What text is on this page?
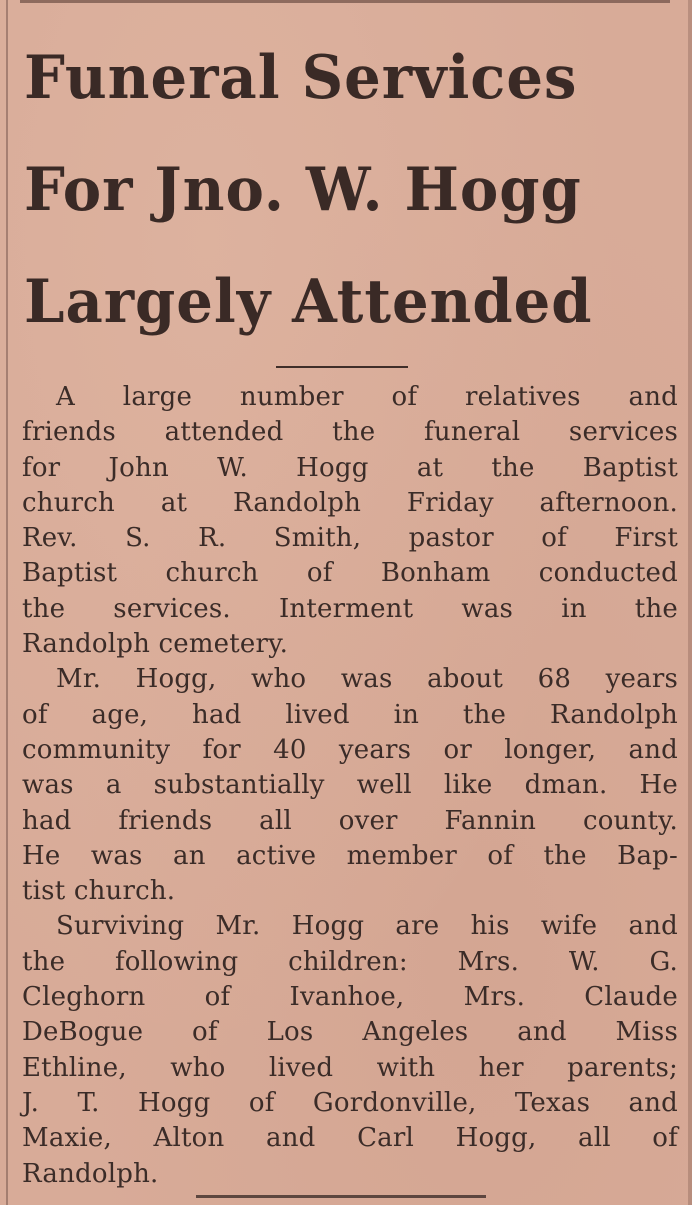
Funeral Services
For Jno. W. Hogg
Largely Attended

A large number of relatives and
friends attended the funeral services
for John W. Hogg at the Baptist
church at Randolph Friday afternoon.
Rev. S. R. Smith, pastor of First
Baptist church of Bonham conducted
the services. Interment was in the
Randolph cemetery.

Mr. Hogg, who was about 68 years
of age, had lived in the Randolph
community for 40 years or longer, and
was a substantially well like dman. He
had friends all over Fannin county.
He was an active member of the Bap-
tist church.

Surviving Mr. Hogg are his wife and
the following children: Mrs. W. G.
Cleghorn of Ivanhoe, Mrs. Claude
DeBogue of Los Angeles and Miss
Ethline, who lived with her parents;
J. T. Hogg of Gordonville, Texas and
Maxie, Alton and Carl Hogg, all of
Randolph.
